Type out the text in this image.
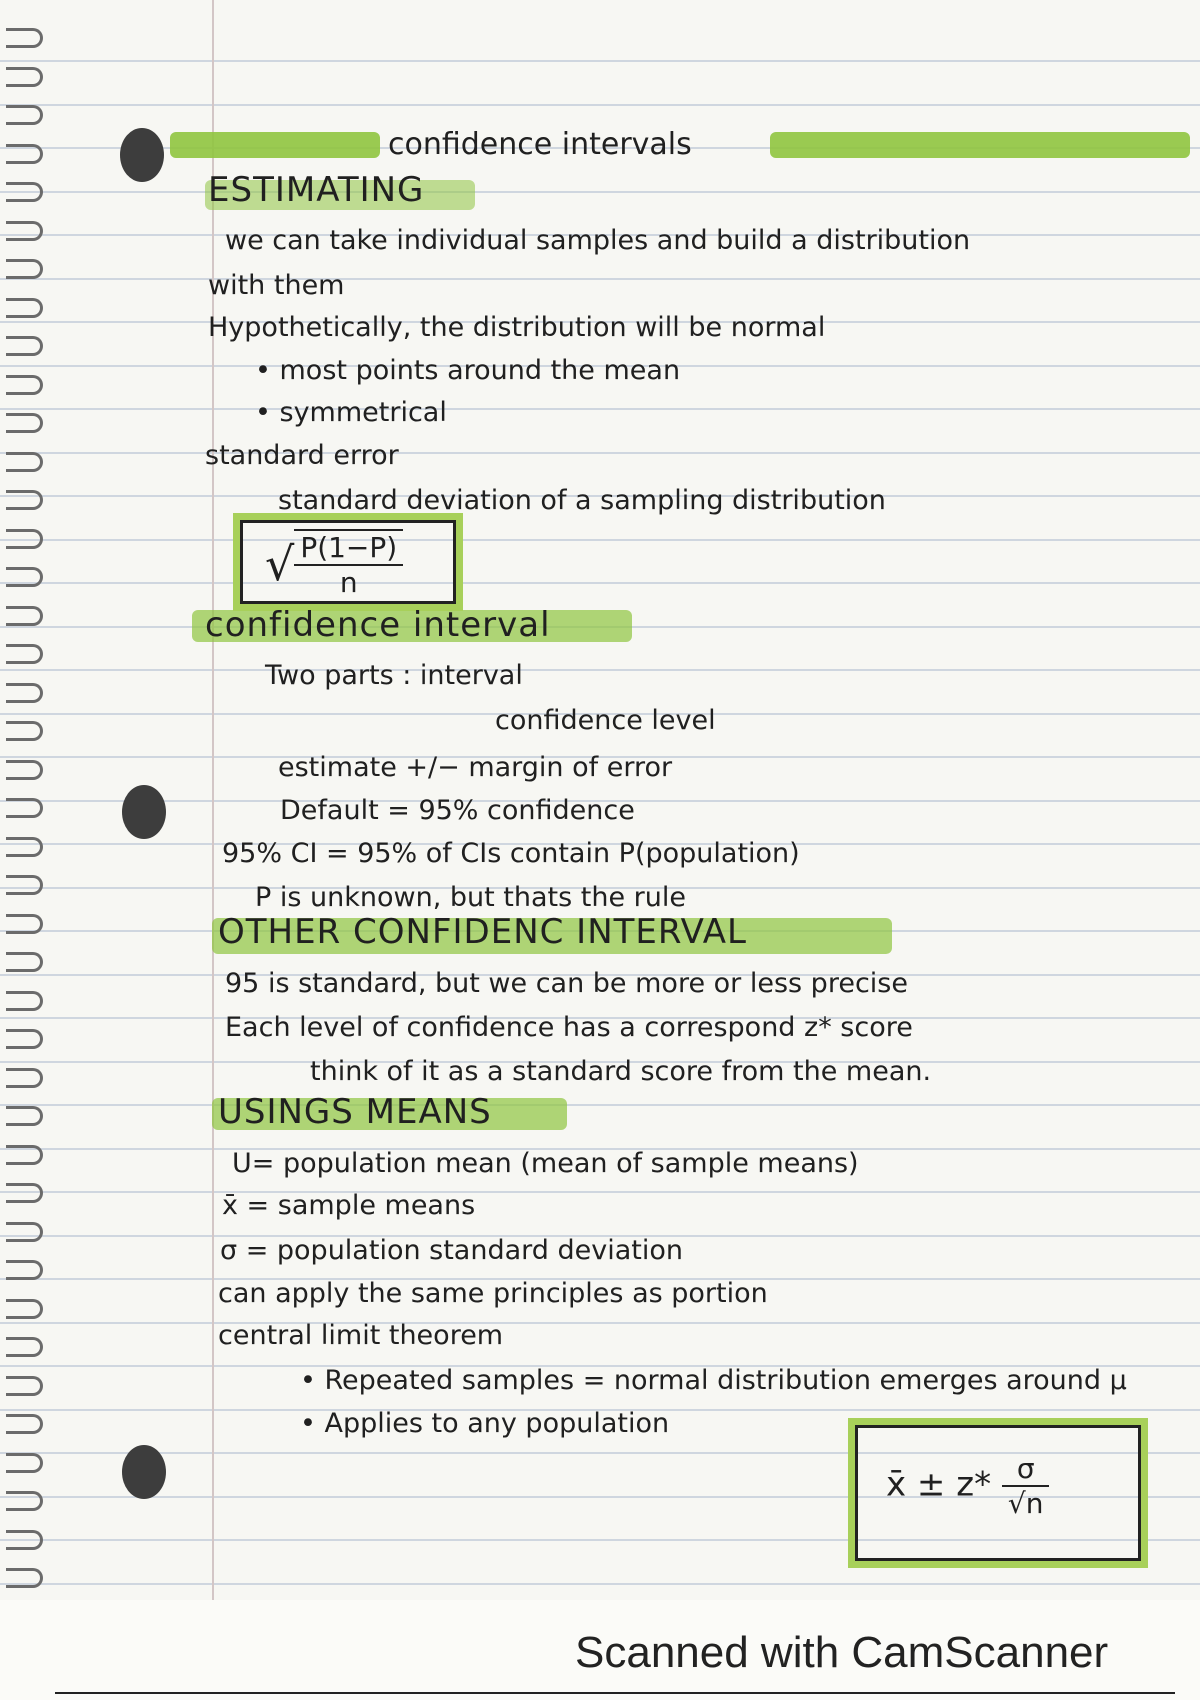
confidence intervals
ESTIMATING
we can take individual samples and build a distribution
with them
Hypothetically, the distribution will be normal
• most points around the mean
• symmetrical
standard error
standard deviation of a sampling distribution
√ $\frac{P(1-P)}{n}$
confidence interval
Two parts : interval
confidence level
estimate +/− margin of error
Default = 95% confidence
95% CI = 95% of CIs contain P(population)
P is unknown, but thats the rule
OTHER CONFIDENC INTERVAL
95 is standard, but we can be more or less precise
Each level of confidence has a correspond z* score
think of it as a standard score from the mean.
USINGS MEANS
U= population mean (mean of sample means)
x̄ = sample means
σ = population standard deviation
can apply the same principles as portion
central limit theorem
• Repeated samples = normal distribution emerges around μ
• Applies to any population
x̄ ± $z* \frac{\sigma}{√n}$
Scanned with CamScanner
